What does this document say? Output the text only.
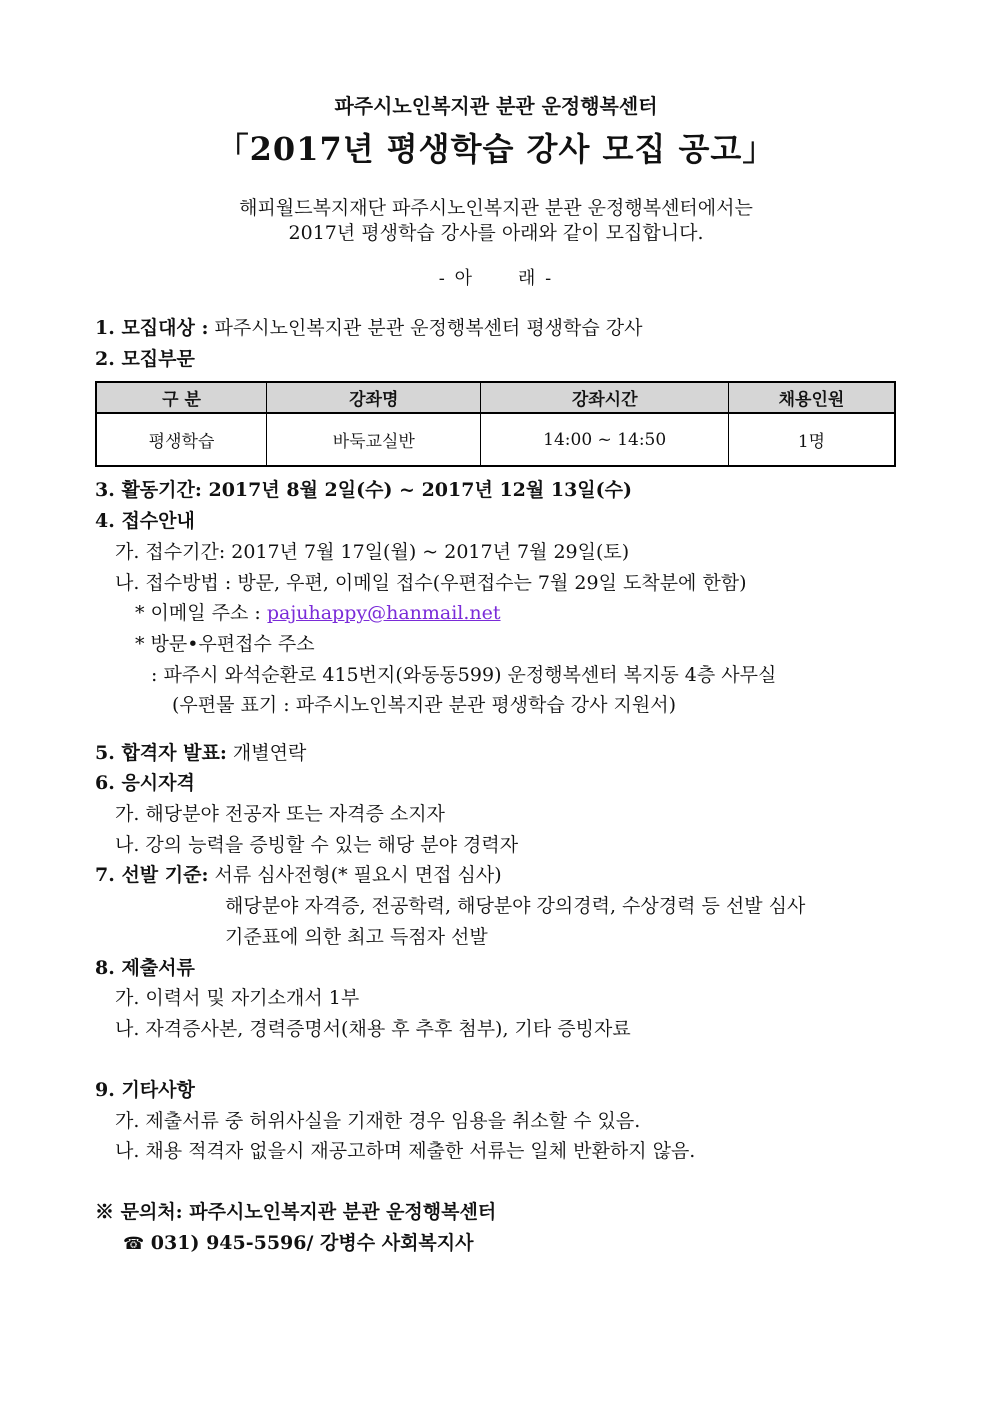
파주시노인복지관 분관 운정행복센터
「2017년 평생학습 강사 모집 공고」
해피월드복지재단 파주시노인복지관 분관 운정행복센터에서는
2017년 평생학습 강사를 아래와 같이 모집합니다.
- 아 래 -
1. 모집대상 : 파주시노인복지관 분관 운정행복센터 평생학습 강사
2. 모집부문
구 분	강좌명	강좌시간	채용인원
평생학습	바둑교실반	14:00 ~ 14:50	1명
3. 활동기간: 2017년 8월 2일(수) ~ 2017년 12월 13일(수)
4. 접수안내
가. 접수기간: 2017년 7월 17일(월) ~ 2017년 7월 29일(토)
나. 접수방법 : 방문, 우편, 이메일 접수(우편접수는 7월 29일 도착분에 한함)
* 이메일 주소 : pajuhappy@hanmail.net
* 방문•우편접수 주소
: 파주시 와석순환로 415번지(와동동599) 운정행복센터 복지동 4층 사무실
(우편물 표기 : 파주시노인복지관 분관 평생학습 강사 지원서)
5. 합격자 발표: 개별연락
6. 응시자격
가. 해당분야 전공자 또는 자격증 소지자
나. 강의 능력을 증빙할 수 있는 해당 분야 경력자
7. 선발 기준: 서류 심사전형(* 필요시 면접 심사)
해당분야 자격증, 전공학력, 해당분야 강의경력, 수상경력 등 선발 심사
기준표에 의한 최고 득점자 선발
8. 제출서류
가. 이력서 및 자기소개서 1부
나. 자격증사본, 경력증명서(채용 후 추후 첨부), 기타 증빙자료
9. 기타사항
가. 제출서류 중 허위사실을 기재한 경우 임용을 취소할 수 있음.
나. 채용 적격자 없을시 재공고하며 제출한 서류는 일체 반환하지 않음.
※ 문의처: 파주시노인복지관 분관 운정행복센터
☎ 031) 945-5596/ 강병수 사회복지사
